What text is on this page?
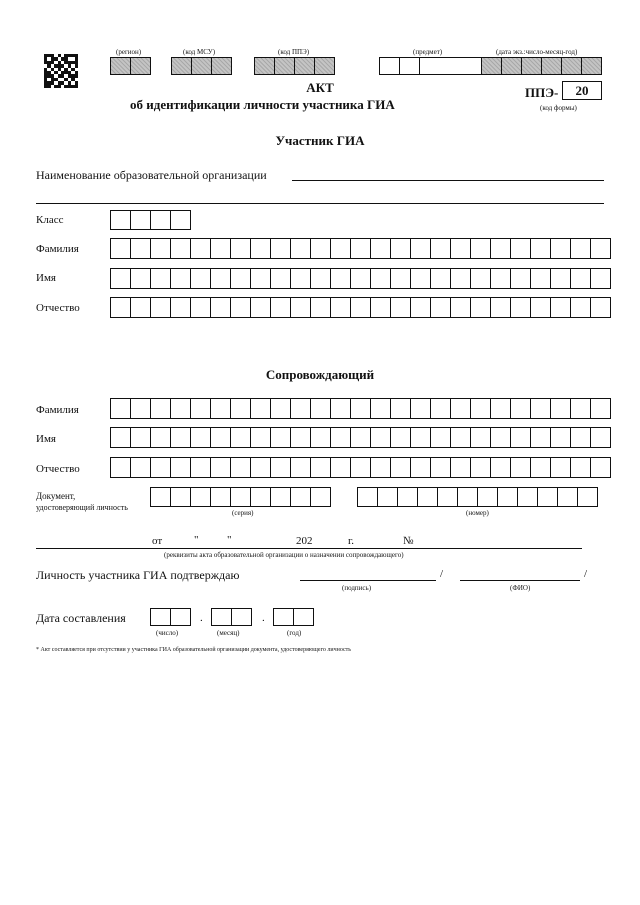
(регион)	(код МСУ)	(код ППЭ)	(предмет)	(дата экз.:число-месяц-год)
АКТ
об идентификации личности участника ГИА
ППЭ-	20
(код формы)
Участник ГИА
Наименование образовательной организации
Класс
Фамилия
Имя
Отчество
Сопровождающий
Фамилия
Имя
Отчество
Документ,
удостоверяющий личность
(серия)	(номер)
от	"	"	202	г.	№
(реквизиты акта образовательной организации о назначении сопровождающего)
Личность участника ГИА подтверждаю	/	/
(подпись)	(ФИО)
Дата составления	.	.
(число)	(месяц)	(год)
* Акт составляется при отсутствии у участника ГИА образовательной организации документа, удостоверяющего личность
